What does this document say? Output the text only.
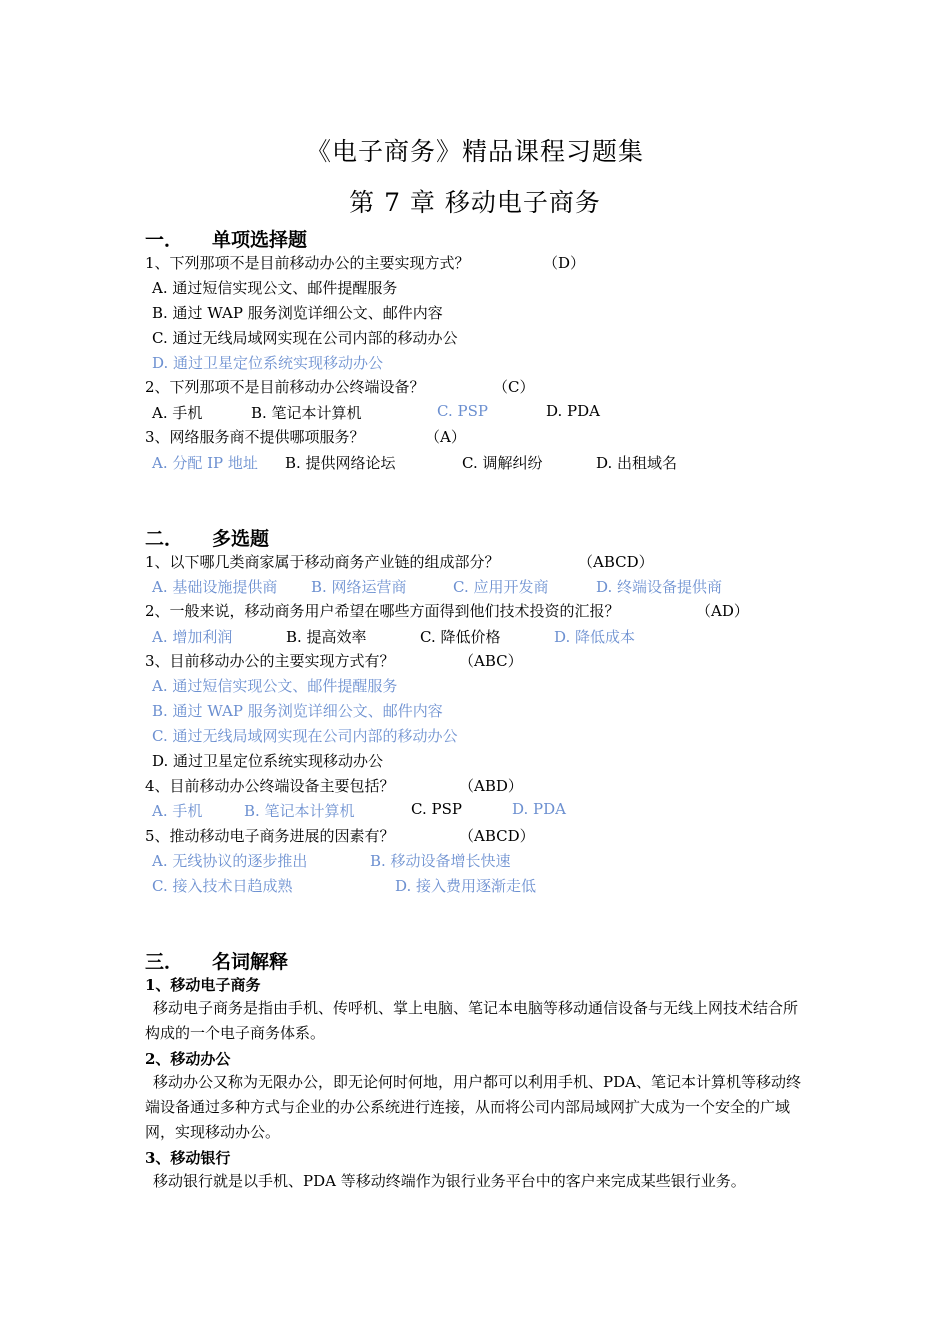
《电子商务》精品课程习题集
第 7 章 移动电子商务
一． 单项选择题
1、下列那项不是目前移动办公的主要实现方式？	（D）
A. 通过短信实现公文、邮件提醒服务
B. 通过 WAP 服务浏览详细公文、邮件内容
C. 通过无线局域网实现在公司内部的移动办公
D. 通过卫星定位系统实现移动办公
2、下列那项不是目前移动办公终端设备？	（C）
A. 手机	B. 笔记本计算机	C. PSP	D. PDA
3、网络服务商不提供哪项服务？	（A）
A. 分配 IP 地址 B. 提供网络论坛	C. 调解纠纷	D. 出租域名
二． 多选题
1、以下哪几类商家属于移动商务产业链的组成部分？	（ABCD）
A. 基础设施提供商 B. 网络运营商	C. 应用开发商	D. 终端设备提供商
2、一般来说，移动商务用户希望在哪些方面得到他们技术投资的汇报？	（AD）
A. 增加利润	B. 提高效率	C. 降低价格	D. 降低成本
3、目前移动办公的主要实现方式有？	（ABC）
A. 通过短信实现公文、邮件提醒服务
B. 通过 WAP 服务浏览详细公文、邮件内容
C. 通过无线局域网实现在公司内部的移动办公
D. 通过卫星定位系统实现移动办公
4、目前移动办公终端设备主要包括？	（ABD）
A. 手机	B. 笔记本计算机	C. PSP	D. PDA
5、推动移动电子商务进展的因素有？	（ABCD）
A. 无线协议的逐步推出	B. 移动设备增长快速
C. 接入技术日趋成熟	D. 接入费用逐渐走低
三． 名词解释
1、移动电子商务
移动电子商务是指由手机、传呼机、掌上电脑、笔记本电脑等移动通信设备与无线上网技术结合所构成的一个电子商务体系。
2、移动办公
移动办公又称为无限办公，即无论何时何地，用户都可以利用手机、PDA、笔记本计算机等移动终端设备通过多种方式与企业的办公系统进行连接，从而将公司内部局域网扩大成为一个安全的广域网，实现移动办公。
3、移动银行
移动银行就是以手机、PDA 等移动终端作为银行业务平台中的客户来完成某些银行业务。
